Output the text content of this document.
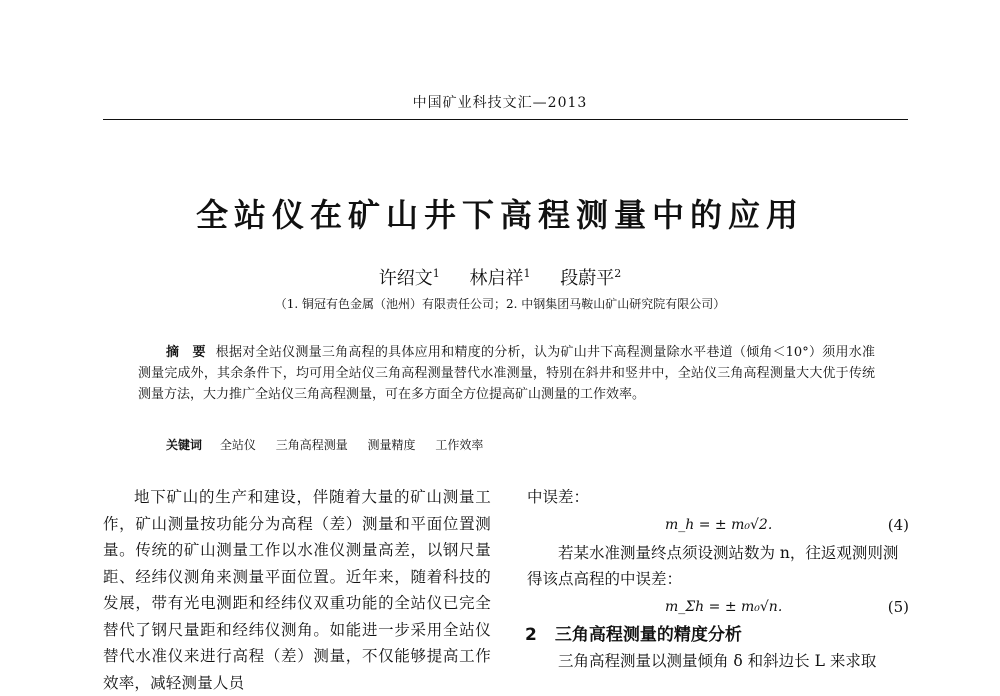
中国矿业科技文汇—2013
全站仪在矿山井下高程测量中的应用
许绍文$^1$ 林启祥$^1$ 段蔚平$^2$
（1. 铜冠有色金属（池州）有限责任公司；2. 中钢集团马鞍山矿山研究院有限公司）
摘　要 根据对全站仪测量三角高程的具体应用和精度的分析，认为矿山井下高程测量除水平巷道（倾角＜10°）须用水准测量完成外，其余条件下，均可用全站仪三角高程测量替代水准测量，特别在斜井和竖井中，全站仪三角高程测量大大优于传统测量方法，大力推广全站仪三角高程测量，可在多方面全方位提高矿山测量的工作效率。
关键词 全站仪 三角高程测量 测量精度 工作效率

地下矿山的生产和建设，伴随着大量的矿山测量工作，矿山测量按功能分为高程（差）测量和平面位置测量。传统的矿山测量工作以水准仪测量高差，以钢尺量距、经纬仪测角来测量平面位置。近年来，随着科技的发展，带有光电测距和经纬仪双重功能的全站仪已完全替代了钢尺量距和经纬仪测角。如能进一步采用全站仪替代水准仪来进行高程（差）测量，不仅能够提高工作效率，减轻测量人员

中误差：

m_h = ± m₀√2.	(4)

若某水准测量终点须设测站数为 n，往返观测则测得该点高程的中误差：

m_Σh = ± m₀√n.	(5)
2 三角高程测量的精度分析

三角高程测量以测量倾角 δ 和斜边长 L 来求取
